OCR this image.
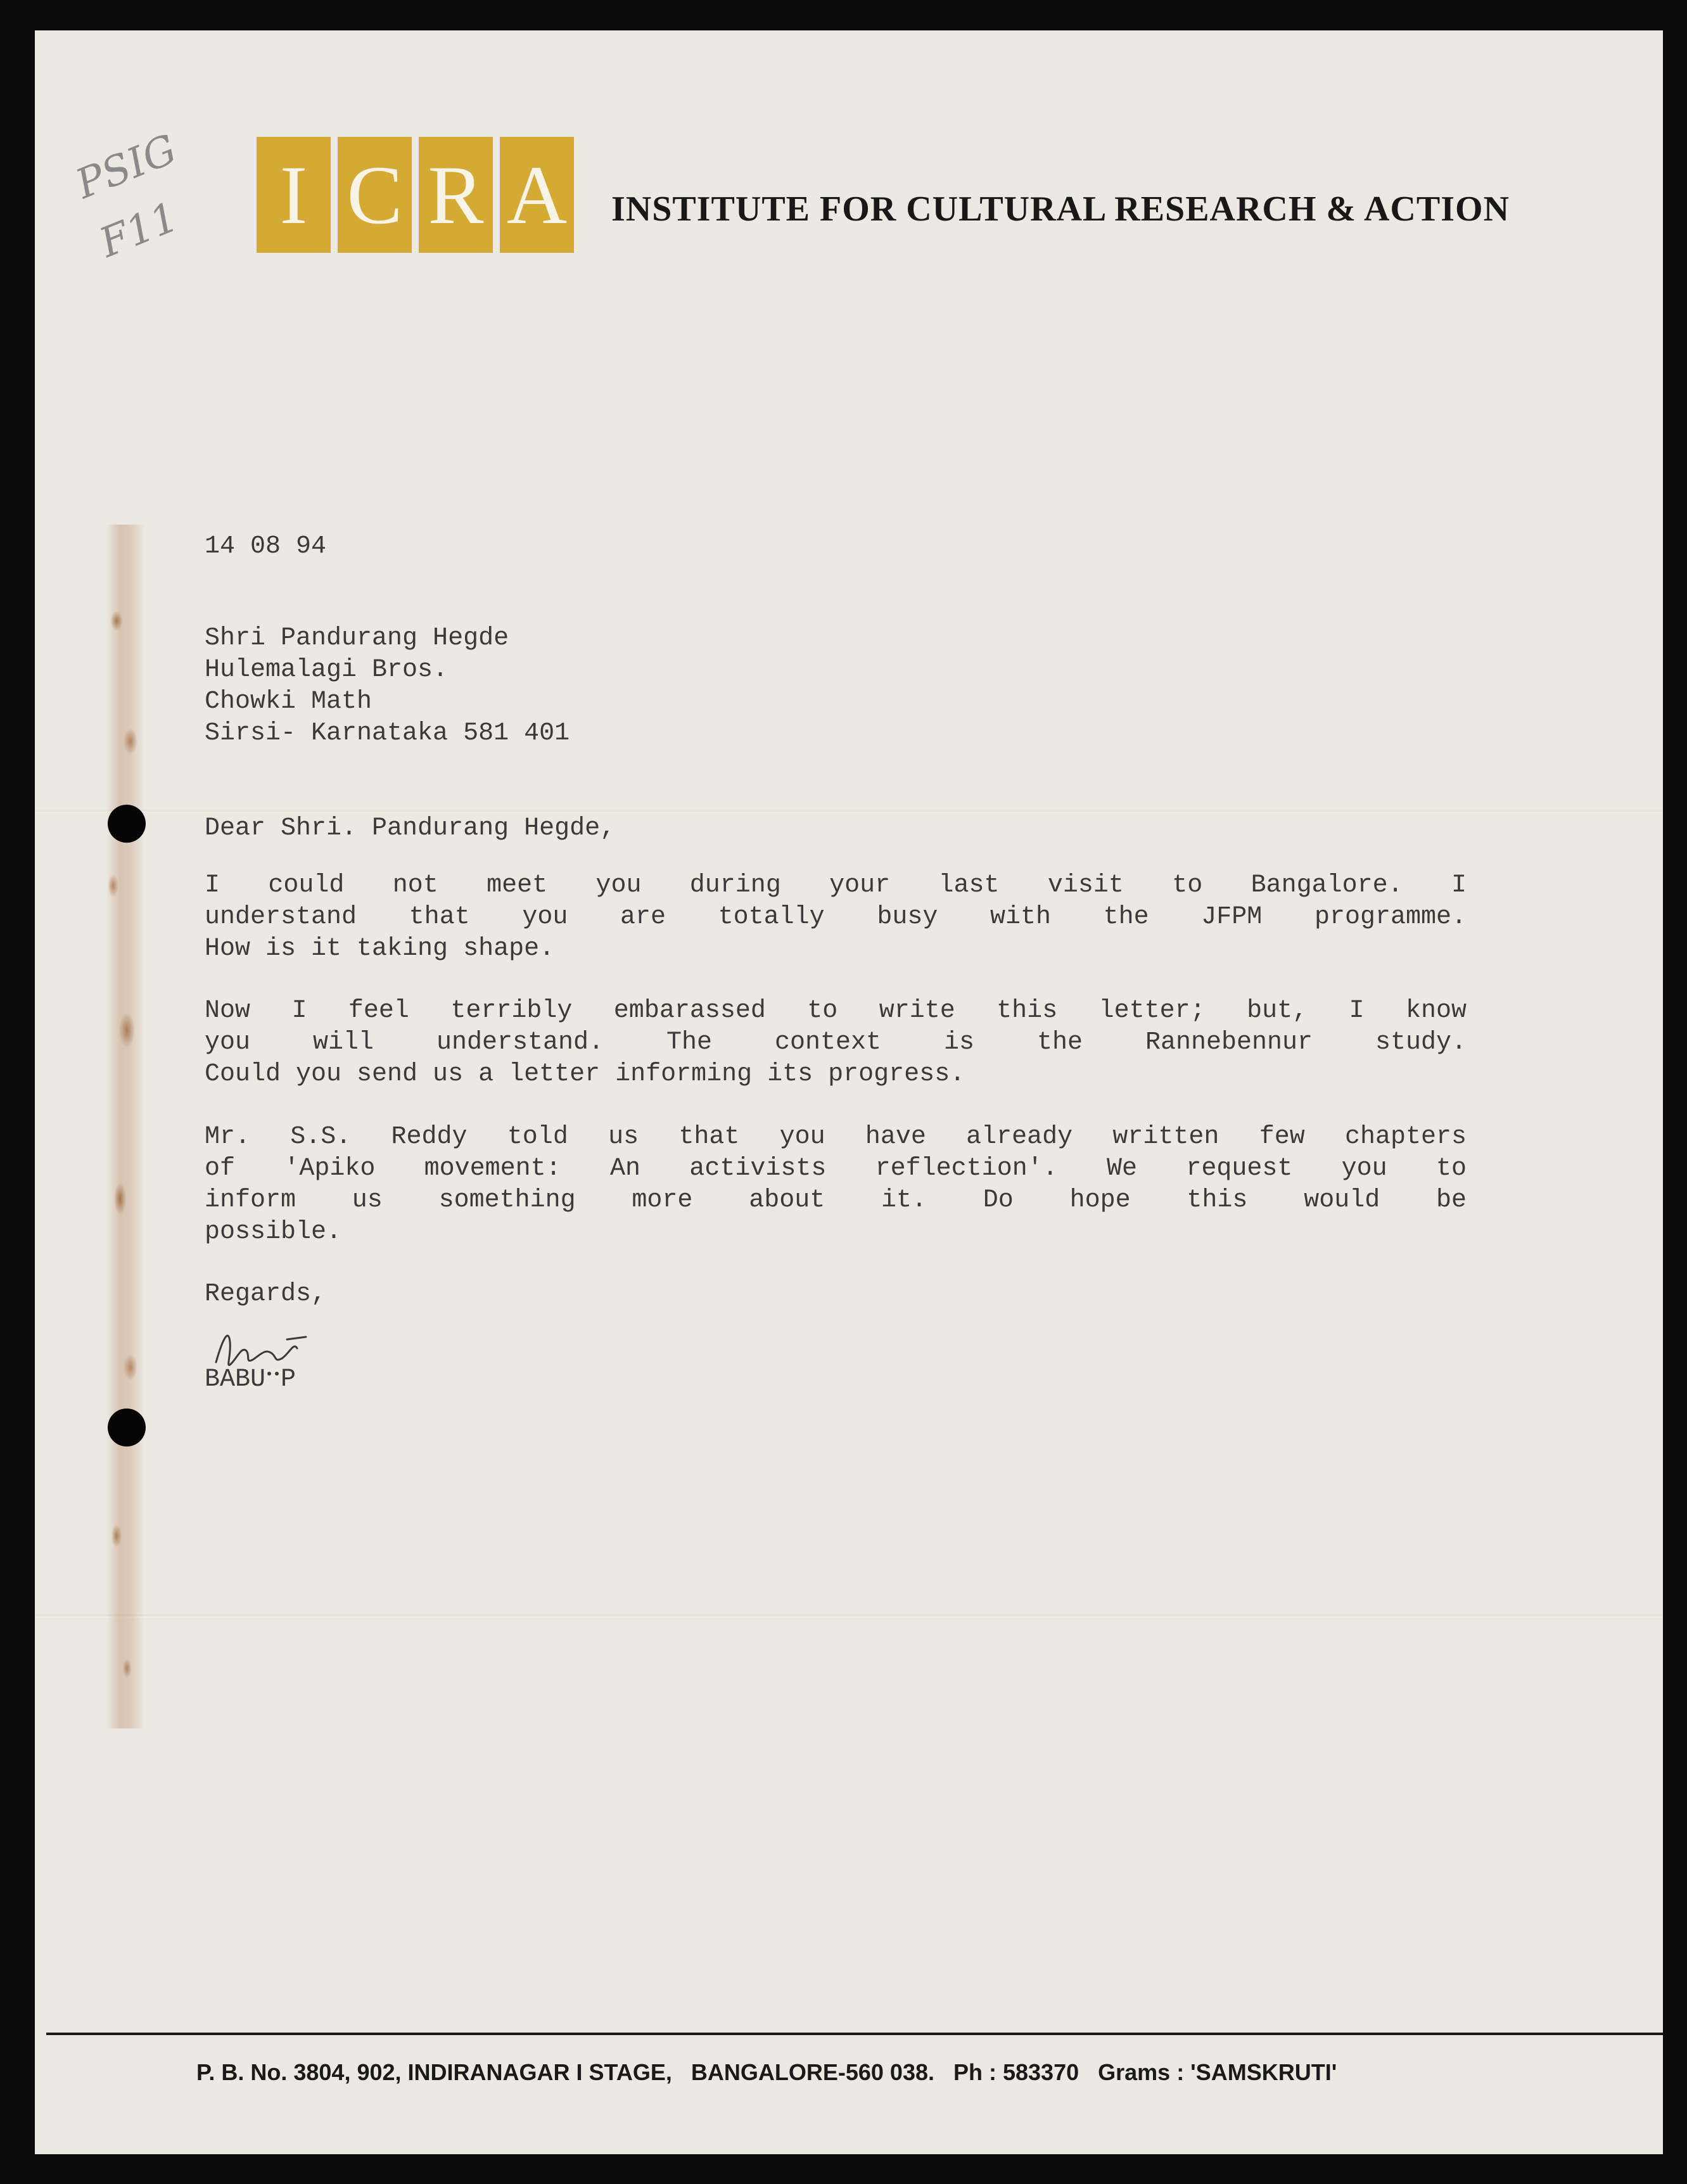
PSIG
F11	I C R A INSTITUTE FOR CULTURAL RESEARCH & ACTION
14 08 94
Shri Pandurang Hegde
Hulemalagi Bros.
Chowki Math
Sirsi- Karnataka 581 401
Dear Shri. Pandurang Hegde,
I could not meet you during your last visit to Bangalore. I
understand that you are totally busy with the JFPM programme.
How is it taking shape.
Now I feel terribly embarassed to write this letter; but, I know
you will understand. The context is the Rannebennur study.
Could you send us a letter informing its progress.
Mr. S.S. Reddy told us that you have already written few chapters
of 'Apiko movement: An activists reflection'. We request you to
inform us something more about it. Do hope this would be
possible.
Regards,
BABU P
P. B. No. 3804, 902, INDIRANAGAR I STAGE,   BANGALORE-560 038.   Ph : 583370   Grams : 'SAMSKRUTI'
